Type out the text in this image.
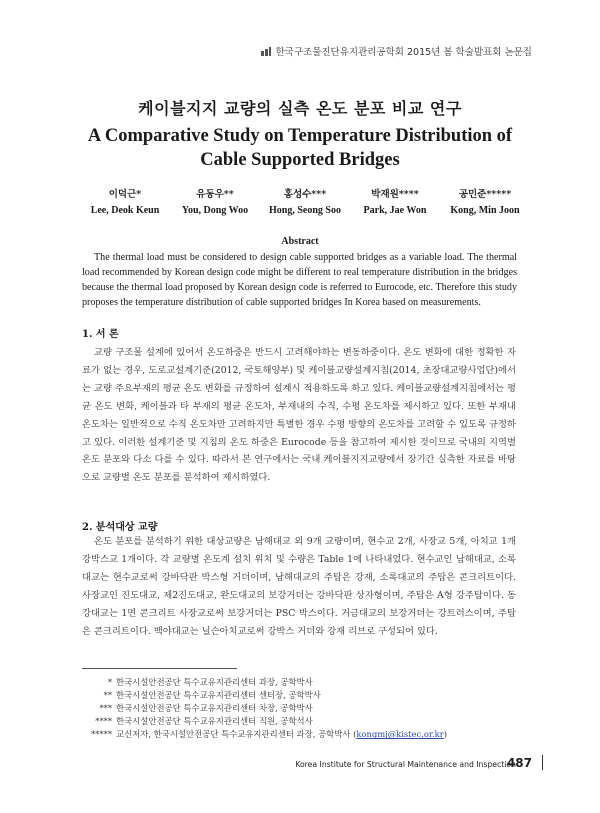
한국구조물진단유지관리공학회 2015년 봄 학술발표회 논문집
케이블지지 교량의 실측 온도 분포 비교 연구
A Comparative Study on Temperature Distribution of
Cable Supported Bridges
이덕근*	유동우**	홍성수***	박재원****	공민준*****
Lee, Deok Keun	You, Dong Woo	Hong, Seong Soo	Park, Jae Won	Kong, Min Joon
Abstract
The thermal load must be considered to design cable supported bridges as a variable load. The thermal load recommended by Korean design code might be different to real temperature distribution in the bridges because the thermal load proposed by Korean design code is referred to Eurocode, etc. Therefore this study proposes the temperature distribution of cable supported bridges In Korea based on measurements.
1. 서 론
교량 구조물 설계에 있어서 온도하중은 반드시 고려해야하는 변동하중이다. 온도 변화에 대한 정확한 자료가 없는 경우, 도로교설계기준(2012, 국토해양부) 및 케이블교량설계지침(2014, 초장대교량사업단)에서는 교량 주요부재의 평균 온도 변화를 규정하여 설계시 적용하도록 하고 있다. 케이블교량설계지침에서는 평균 온도 변화, 케이블과 타 부재의 평균 온도차, 부재내의 수직, 수평 온도차를 제시하고 있다. 또한 부재내 온도차는 일반적으로 수직 온도차만 고려하지만 특별한 경우 수평 방향의 온도차를 고려할 수 있도록 규정하고 있다. 이러한 설계기준 및 지침의 온도 하중은 Eurocode 등을 참고하여 제시한 것이므로 국내의 지역별 온도 분포와 다소 다를 수 있다. 따라서 본 연구에서는 국내 케이블지지교량에서 장기간 실측한 자료를 바탕으로 교량별 온도 분포를 분석하여 제시하였다.
2. 분석대상 교량
온도 분포를 분석하기 위한 대상교량은 남해대교 외 9개 교량이며, 현수교 2개, 사장교 5개, 아치교 1개강박스교 1개이다. 각 교량별 온도계 설치 위치 및 수량은 Table 1에 나타내었다. 현수교인 남해대교, 소록대교는 현수교로써 강바닥판 박스형 거더이며, 남해대교의 주탑은 강재, 소록대교의 주탑은 콘크리트이다. 사장교인 진도대교, 제2진도대교, 완도대교의 보강거더는 강바닥판 상자형이며, 주탑은 A형 강주탑이다. 동강대교는 1면 콘크리트 사장교로써 보강거더는 PSC 박스이다. 거금대교의 보강거더는 강트러스이며, 주탑은 콘크리트이다. 백야대교는 닐슨아치교로써 강박스 거더와 강재 리브로 구성되어 있다.
* 한국시설안전공단 특수교유지관리센터 과장, 공학박사
** 한국시설안전공단 특수교유지관리센터 센터장, 공학박사
*** 한국시설안전공단 특수교유지관리센터 차장, 공학박사
**** 한국시설안전공단 특수교유지관리센터 직원, 공학석사
***** 교신저자, 한국시설안전공단 특수교유지관리센터 과장, 공학박사 (kongmj@kistec.or.kr)
Korea Institute for Structural Maintenance and Inspection
487
